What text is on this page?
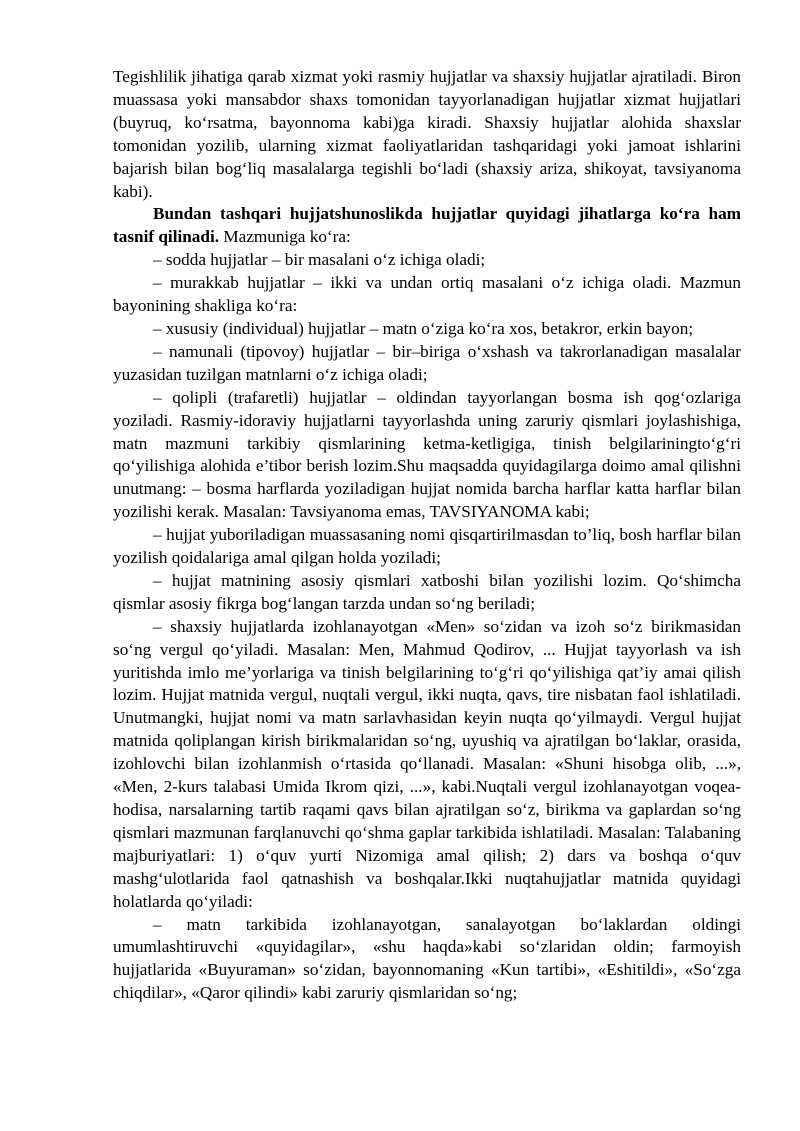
Tegishlilik jihatiga qarab xizmat yoki rasmiy hujjatlar va shaxsiy hujjatlar ajratiladi. Biron muassasa yoki mansabdor shaxs tomonidan tayyorlanadigan hujjatlar xizmat hujjatlari (buyruq, ko‘rsatma, bayonnoma kabi)ga kiradi. Shaxsiy hujjatlar alohida shaxslar tomonidan yozilib, ularning xizmat faoliyatlaridan tashqaridagi yoki jamoat ishlarini bajarish bilan bog‘liq masalalarga tegishli bo‘ladi (shaxsiy ariza, shikoyat, tavsiyanoma kabi).

Bundan tashqari hujjatshunoslikda hujjatlar quyidagi jihatlarga ko‘ra ham tasnif qilinadi. Mazmuniga ko‘ra:

– sodda hujjatlar – bir masalani o‘z ichiga oladi;

– murakkab hujjatlar – ikki va undan ortiq masalani o‘z ichiga oladi. Mazmun bayonining shakliga ko‘ra:

– xususiy (individual) hujjatlar – matn o‘ziga ko‘ra xos, betakror, erkin bayon;

– namunali (tipovoy) hujjatlar – bir–biriga o‘xshash va takrorlanadigan masalalar yuzasidan tuzilgan matnlarni o‘z ichiga oladi;

– qolipli (trafaretli) hujjatlar – oldindan tayyorlangan bosma ish qog‘ozlariga yoziladi. Rasmiy-idoraviy hujjatlarni tayyorlashda uning zaruriy qismlari joylashishiga, matn mazmuni tarkibiy qismlarining ketma-ketligiga, tinish belgilariningto‘g‘ri qo‘yilishiga alohida e’tibor berish lozim.Shu maqsadda quyidagilarga doimo amal qilishni unutmang: – bosma harflarda yoziladigan hujjat nomida barcha harflar katta harflar bilan yozilishi kerak. Masalan: Tavsiyanoma emas, TAVSIYANOMA kabi;

– hujjat yuboriladigan muassasaning nomi qisqartirilmasdan to’liq, bosh harflar bilan yozilish qoidalariga amal qilgan holda yoziladi;

– hujjat matnining asosiy qismlari xatboshi bilan yozilishi lozim. Qo‘shimcha qismlar asosiy fikrga bog‘langan tarzda undan so‘ng beriladi;

– shaxsiy hujjatlarda izohlanayotgan «Men» so‘zidan va izoh so‘z birikmasidan so‘ng vergul qo‘yiladi. Masalan: Men, Mahmud Qodirov, ... Hujjat tayyorlash va ish yuritishda imlo me’yorlariga va tinish belgilarining to‘g‘ri qo‘yilishiga qat’iy amai qilish lozim. Hujjat matnida vergul, nuqtali vergul, ikki nuqta, qavs, tire nisbatan faol ishlatiladi. Unutmangki, hujjat nomi va matn sarlavhasidan keyin nuqta qo‘yilmaydi. Vergul hujjat matnida qoliplangan kirish birikmalaridan so‘ng, uyushiq va ajratilgan bo‘laklar, orasida, izohlovchi bilan izohlanmish o‘rtasida qo‘llanadi. Masalan: «Shuni hisobga olib, ...», «Men, 2-kurs talabasi Umida Ikrom qizi, ...», kabi.Nuqtali vergul izohlanayotgan voqea-hodisa, narsalarning tartib raqami qavs bilan ajratilgan so‘z, birikma va gaplardan so‘ng qismlari mazmunan farqlanuvchi qo‘shma gaplar tarkibida ishlatiladi. Masalan: Talabaning majburiyatlari: 1) o‘quv yurti Nizomiga amal qilish; 2) dars va boshqa o‘quv mashg‘ulotlarida faol qatnashish va boshqalar.Ikki nuqtahujjatlar matnida quyidagi holatlarda qo‘yiladi:

– matn tarkibida izohlanayotgan, sanalayotgan bo‘laklardan oldingi umumlashtiruvchi «quyidagilar», «shu haqda»kabi so‘zlaridan oldin; farmoyish hujjatlarida «Buyuraman» so‘zidan, bayonnomaning «Kun tartibi», «Eshitildi», «So‘zga chiqdilar», «Qaror qilindi» kabi zaruriy qismlaridan so‘ng;
